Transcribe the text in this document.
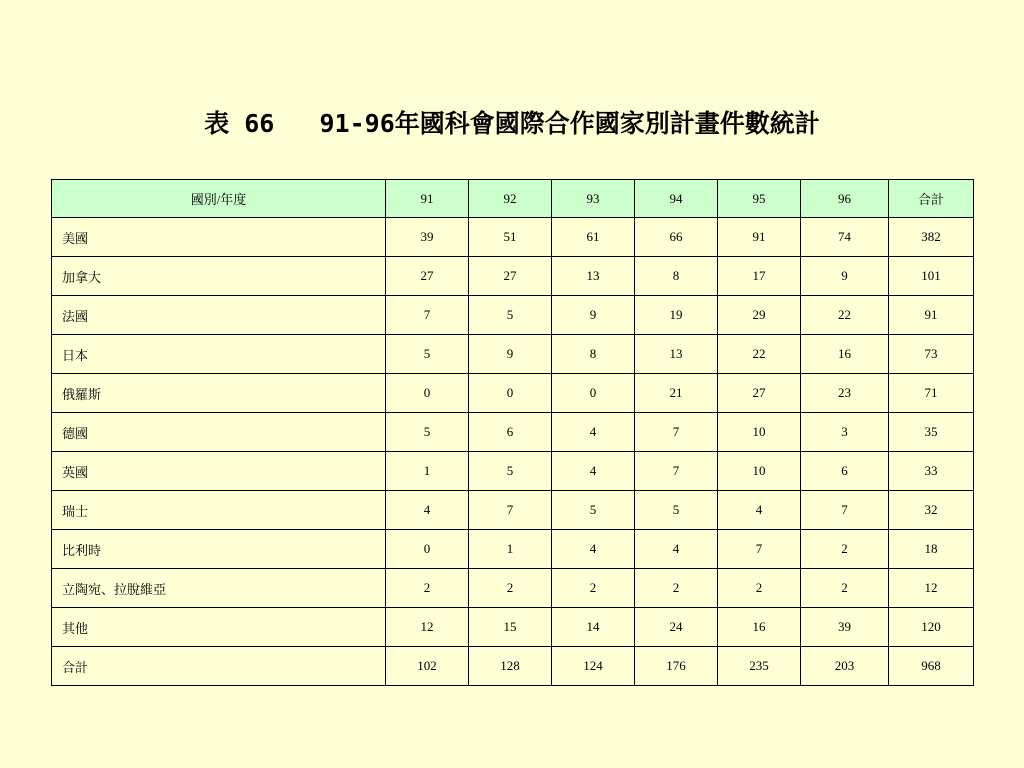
表 66   91-96年國科會國際合作國家別計畫件數統計
國別/年度	91	92	93	94	95	96	合計
美國	39	51	61	66	91	74	382
加拿大	27	27	13	8	17	9	101
法國	7	5	9	19	29	22	91
日本	5	9	8	13	22	16	73
俄羅斯	0	0	0	21	27	23	71
德國	5	6	4	7	10	3	35
英國	1	5	4	7	10	6	33
瑞士	4	7	5	5	4	7	32
比利時	0	1	4	4	7	2	18
立陶宛、拉脫維亞	2	2	2	2	2	2	12
其他	12	15	14	24	16	39	120
合計	102	128	124	176	235	203	968
